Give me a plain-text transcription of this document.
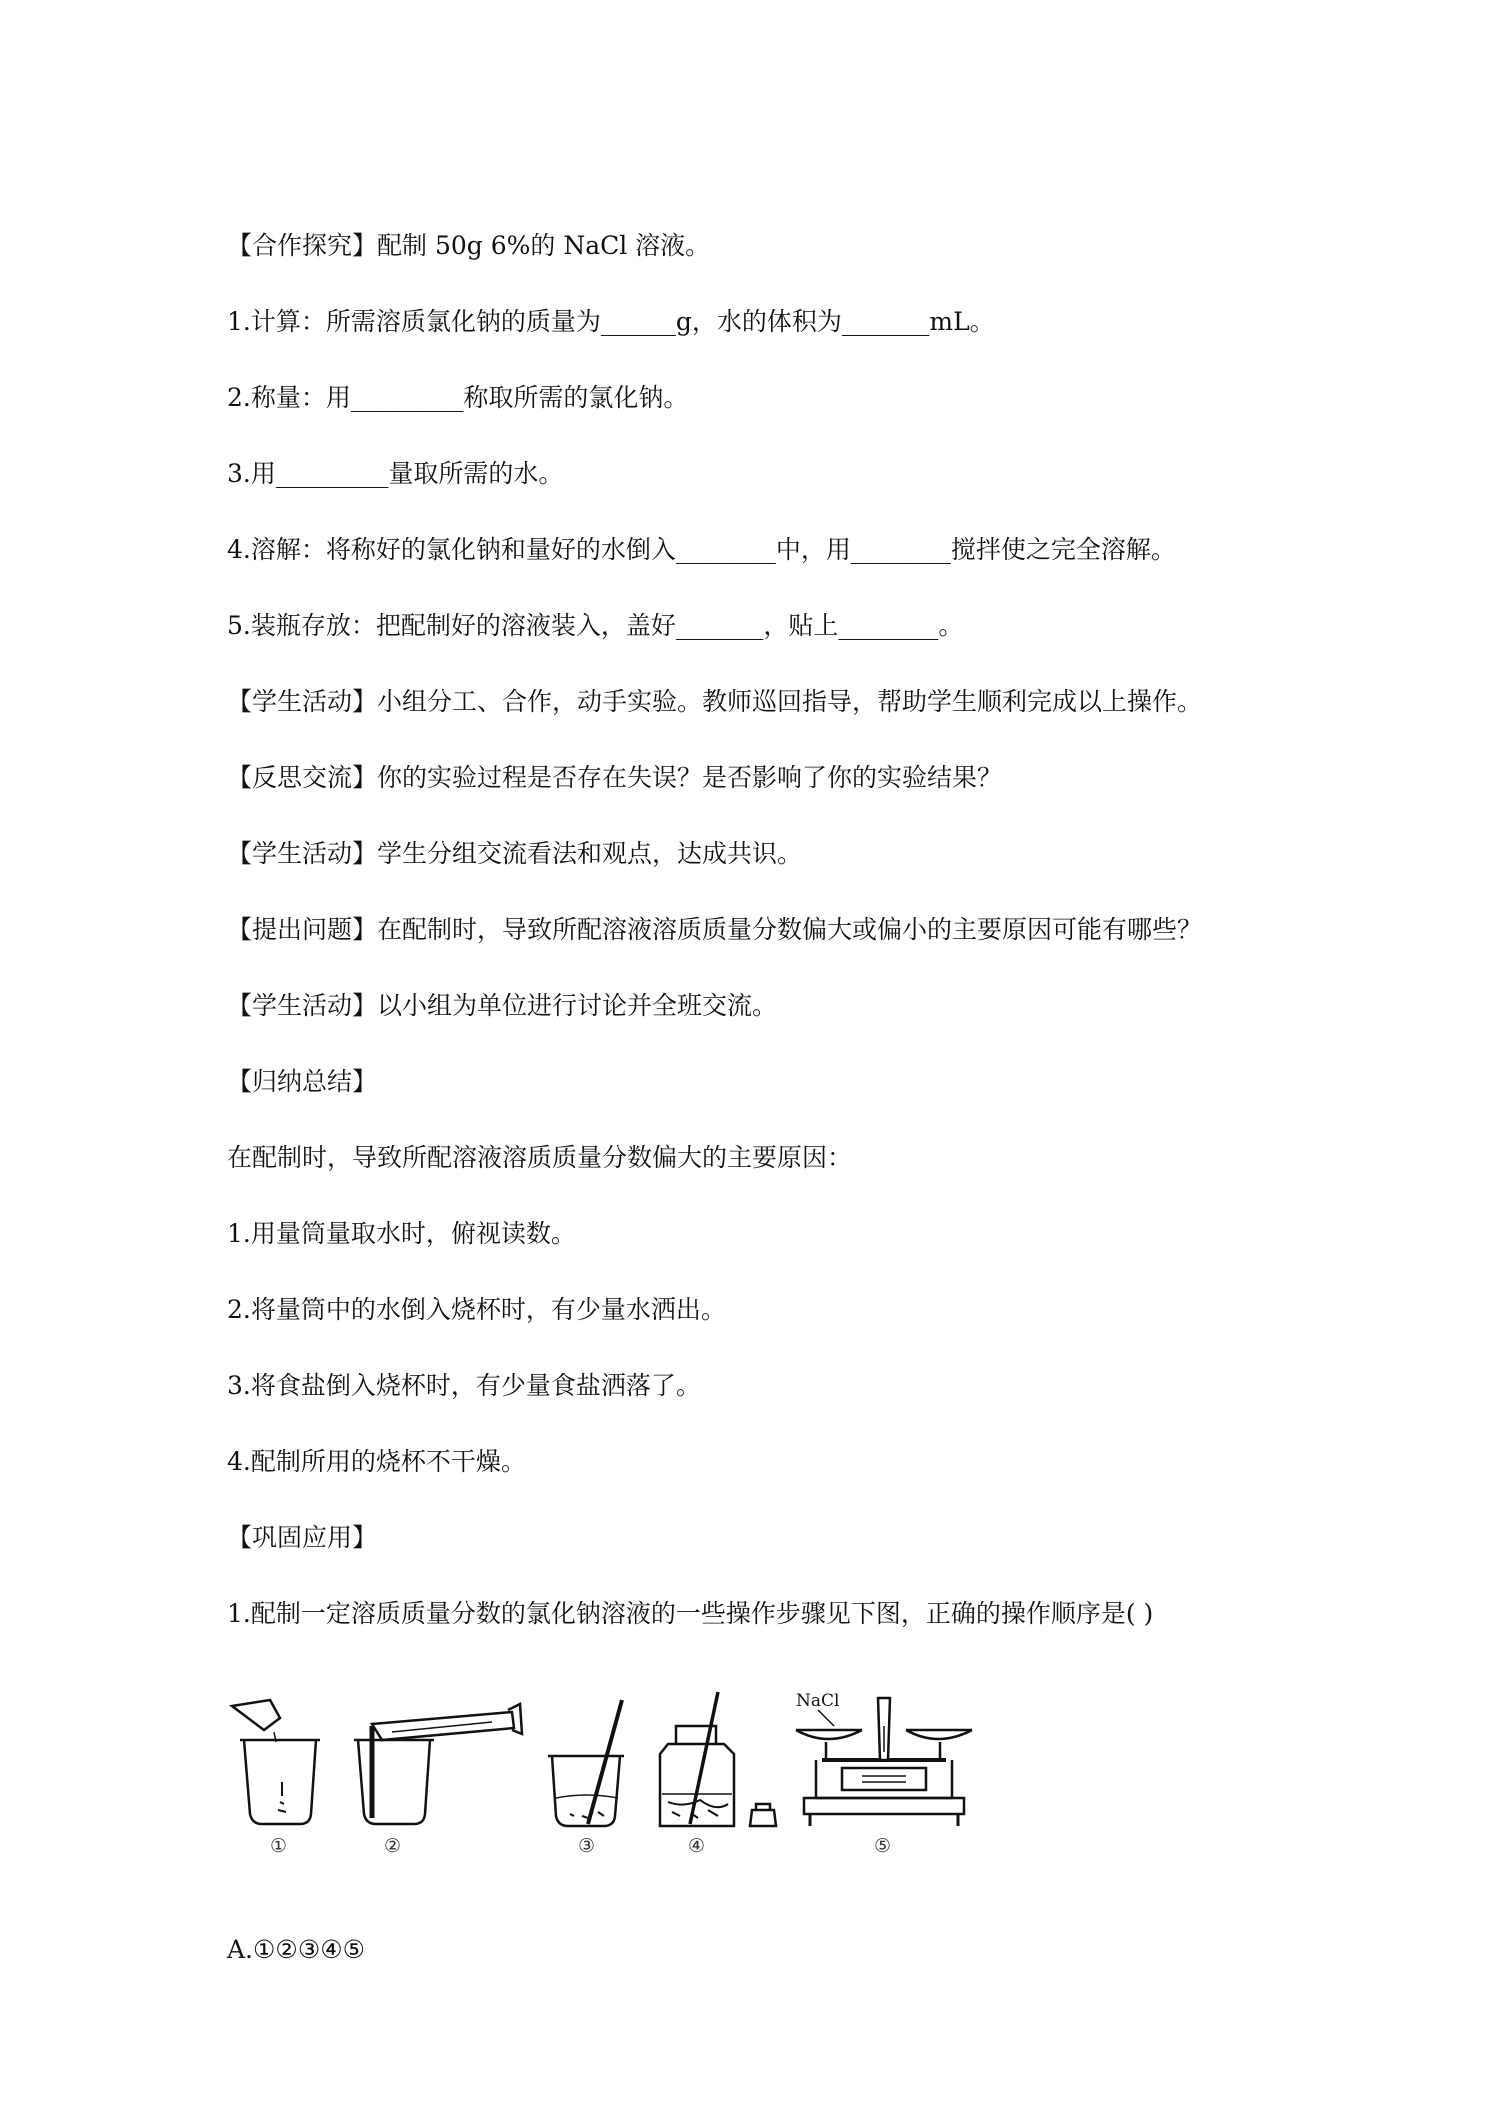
【合作探究】配制 50g 6%的 NaCl 溶液。
1.计算：所需溶质氯化钠的质量为______g，水的体积为_______mL。
2.称量：用_________称取所需的氯化钠。
3.用_________量取所需的水。
4.溶解：将称好的氯化钠和量好的水倒入________中，用________搅拌使之完全溶解。
5.装瓶存放：把配制好的溶液装入，盖好_______，贴上________。
【学生活动】小组分工、合作，动手实验。教师巡回指导，帮助学生顺利完成以上操作。
【反思交流】你的实验过程是否存在失误？是否影响了你的实验结果？
【学生活动】学生分组交流看法和观点，达成共识。
【提出问题】在配制时，导致所配溶液溶质质量分数偏大或偏小的主要原因可能有哪些？
【学生活动】以小组为单位进行讨论并全班交流。
【归纳总结】
在配制时，导致所配溶液溶质质量分数偏大的主要原因：
1.用量筒量取水时，俯视读数。
2.将量筒中的水倒入烧杯时，有少量水洒出。
3.将食盐倒入烧杯时，有少量食盐洒落了。
4.配制所用的烧杯不干燥。
【巩固应用】
1.配制一定溶质质量分数的氯化钠溶液的一些操作步骤见下图，正确的操作顺序是( )
NaCl
①	②	③	④	⑤
A.①②③④⑤
